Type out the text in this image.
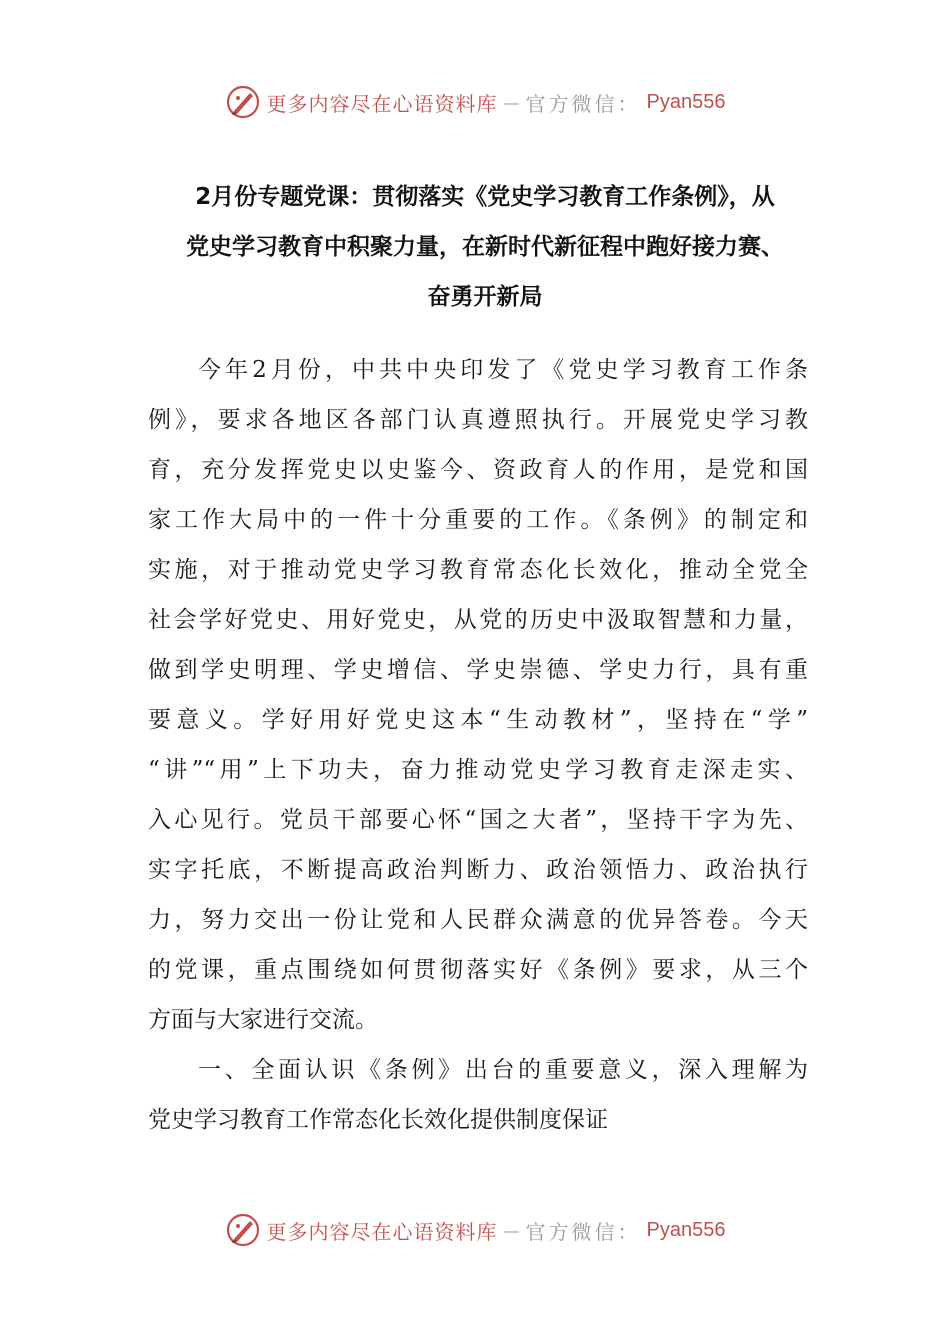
更多内容尽在心语资料库 — 官方微信： Pyan556
2月份专题党课：贯彻落实《党史学习教育工作条例》，从
党史学习教育中积聚力量，在新时代新征程中跑好接力赛、
奋勇开新局
今年2月份，中共中央印发了《党史学习教育工作条
例》，要求各地区各部门认真遵照执行。开展党史学习教
育，充分发挥党史以史鉴今、资政育人的作用，是党和国
家工作大局中的一件十分重要的工作。《条例》的制定和
实施，对于推动党史学习教育常态化长效化，推动全党全
社会学好党史、用好党史，从党的历史中汲取智慧和力量，
做到学史明理、学史增信、学史崇德、学史力行，具有重
要意义。学好用好党史这本“生动教材”，坚持在“学”
“讲”“用”上下功夫，奋力推动党史学习教育走深走实、
入心见行。党员干部要心怀“国之大者”，坚持干字为先、
实字托底，不断提高政治判断力、政治领悟力、政治执行
力，努力交出一份让党和人民群众满意的优异答卷。今天
的党课，重点围绕如何贯彻落实好《条例》要求，从三个
方面与大家进行交流。
一、全面认识《条例》出台的重要意义，深入理解为
党史学习教育工作常态化长效化提供制度保证
更多内容尽在心语资料库 — 官方微信： Pyan556
